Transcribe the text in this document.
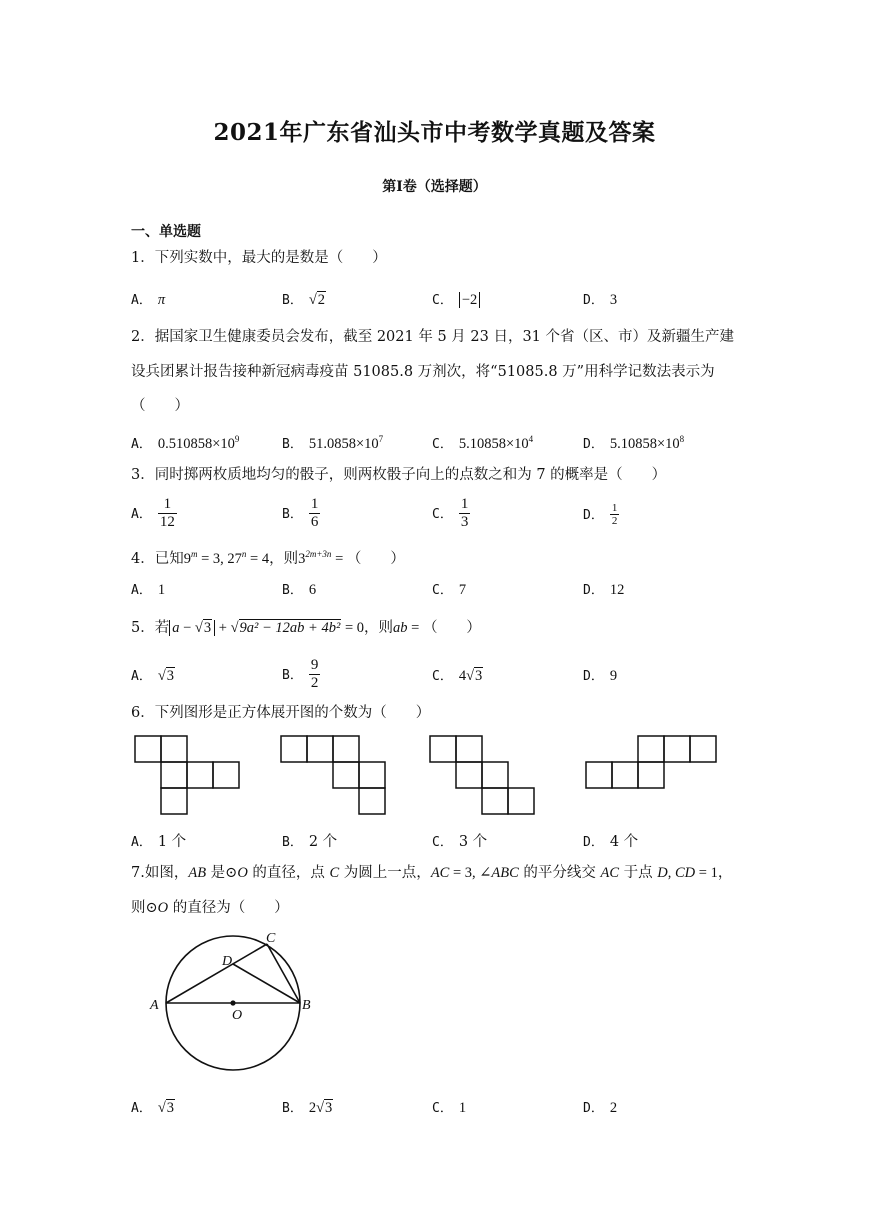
2021年广东省汕头市中考数学真题及答案
第Ⅰ卷（选择题）
一、单选题
1．下列实数中，最大的是数是（　　）
A． π	B． √2	C． −2	D． 3
2．据国家卫生健康委员会发布，截至 2021 年 5 月 23 日，31 个省（区、市）及新疆生产建
设兵团累计报告接种新冠病毒疫苗 51085.8 万剂次，将“51085.8 万”用科学记数法表示为
（　　）
A． $0.510858\times 10^9$	B． $51.0858\times 10^7$	C． $5.10858\times 10^4$	D． $5.10858\times 10^8$
3．同时掷两枚质地均匀的骰子，则两枚骰子向上的点数之和为 7 的概率是（　　）
A． $\frac{1}{12}$	B． $\frac{1}{6}$	C． $\frac{1}{3}$	D． $\frac{1}{2}$
4．已知$9^m = 3$, $27^n = 4$，则$3^{2m+3n}$ = （　　）
A． 1	B． 6	C． 7	D． 12
5．若 a − √3 + √9a² − 12ab + 4b² = 0，则ab = （　　）
A． √3	B． $\frac{9}{2}$	C． 4√3	D． 9
6．下列图形是正方体展开图的个数为（　　）
A． 1 个	B． 2 个	C． 3 个	D． 4 个
7.如图，AB 是⊙O 的直径，点 C 为圆上一点，AC = 3, ∠ABC 的平分线交 AC 于点 D, CD = 1，
则⊙O 的直径为（　　）
A	B
C
D
O
A． √3	B． 2√3	C． 1	D． 2
